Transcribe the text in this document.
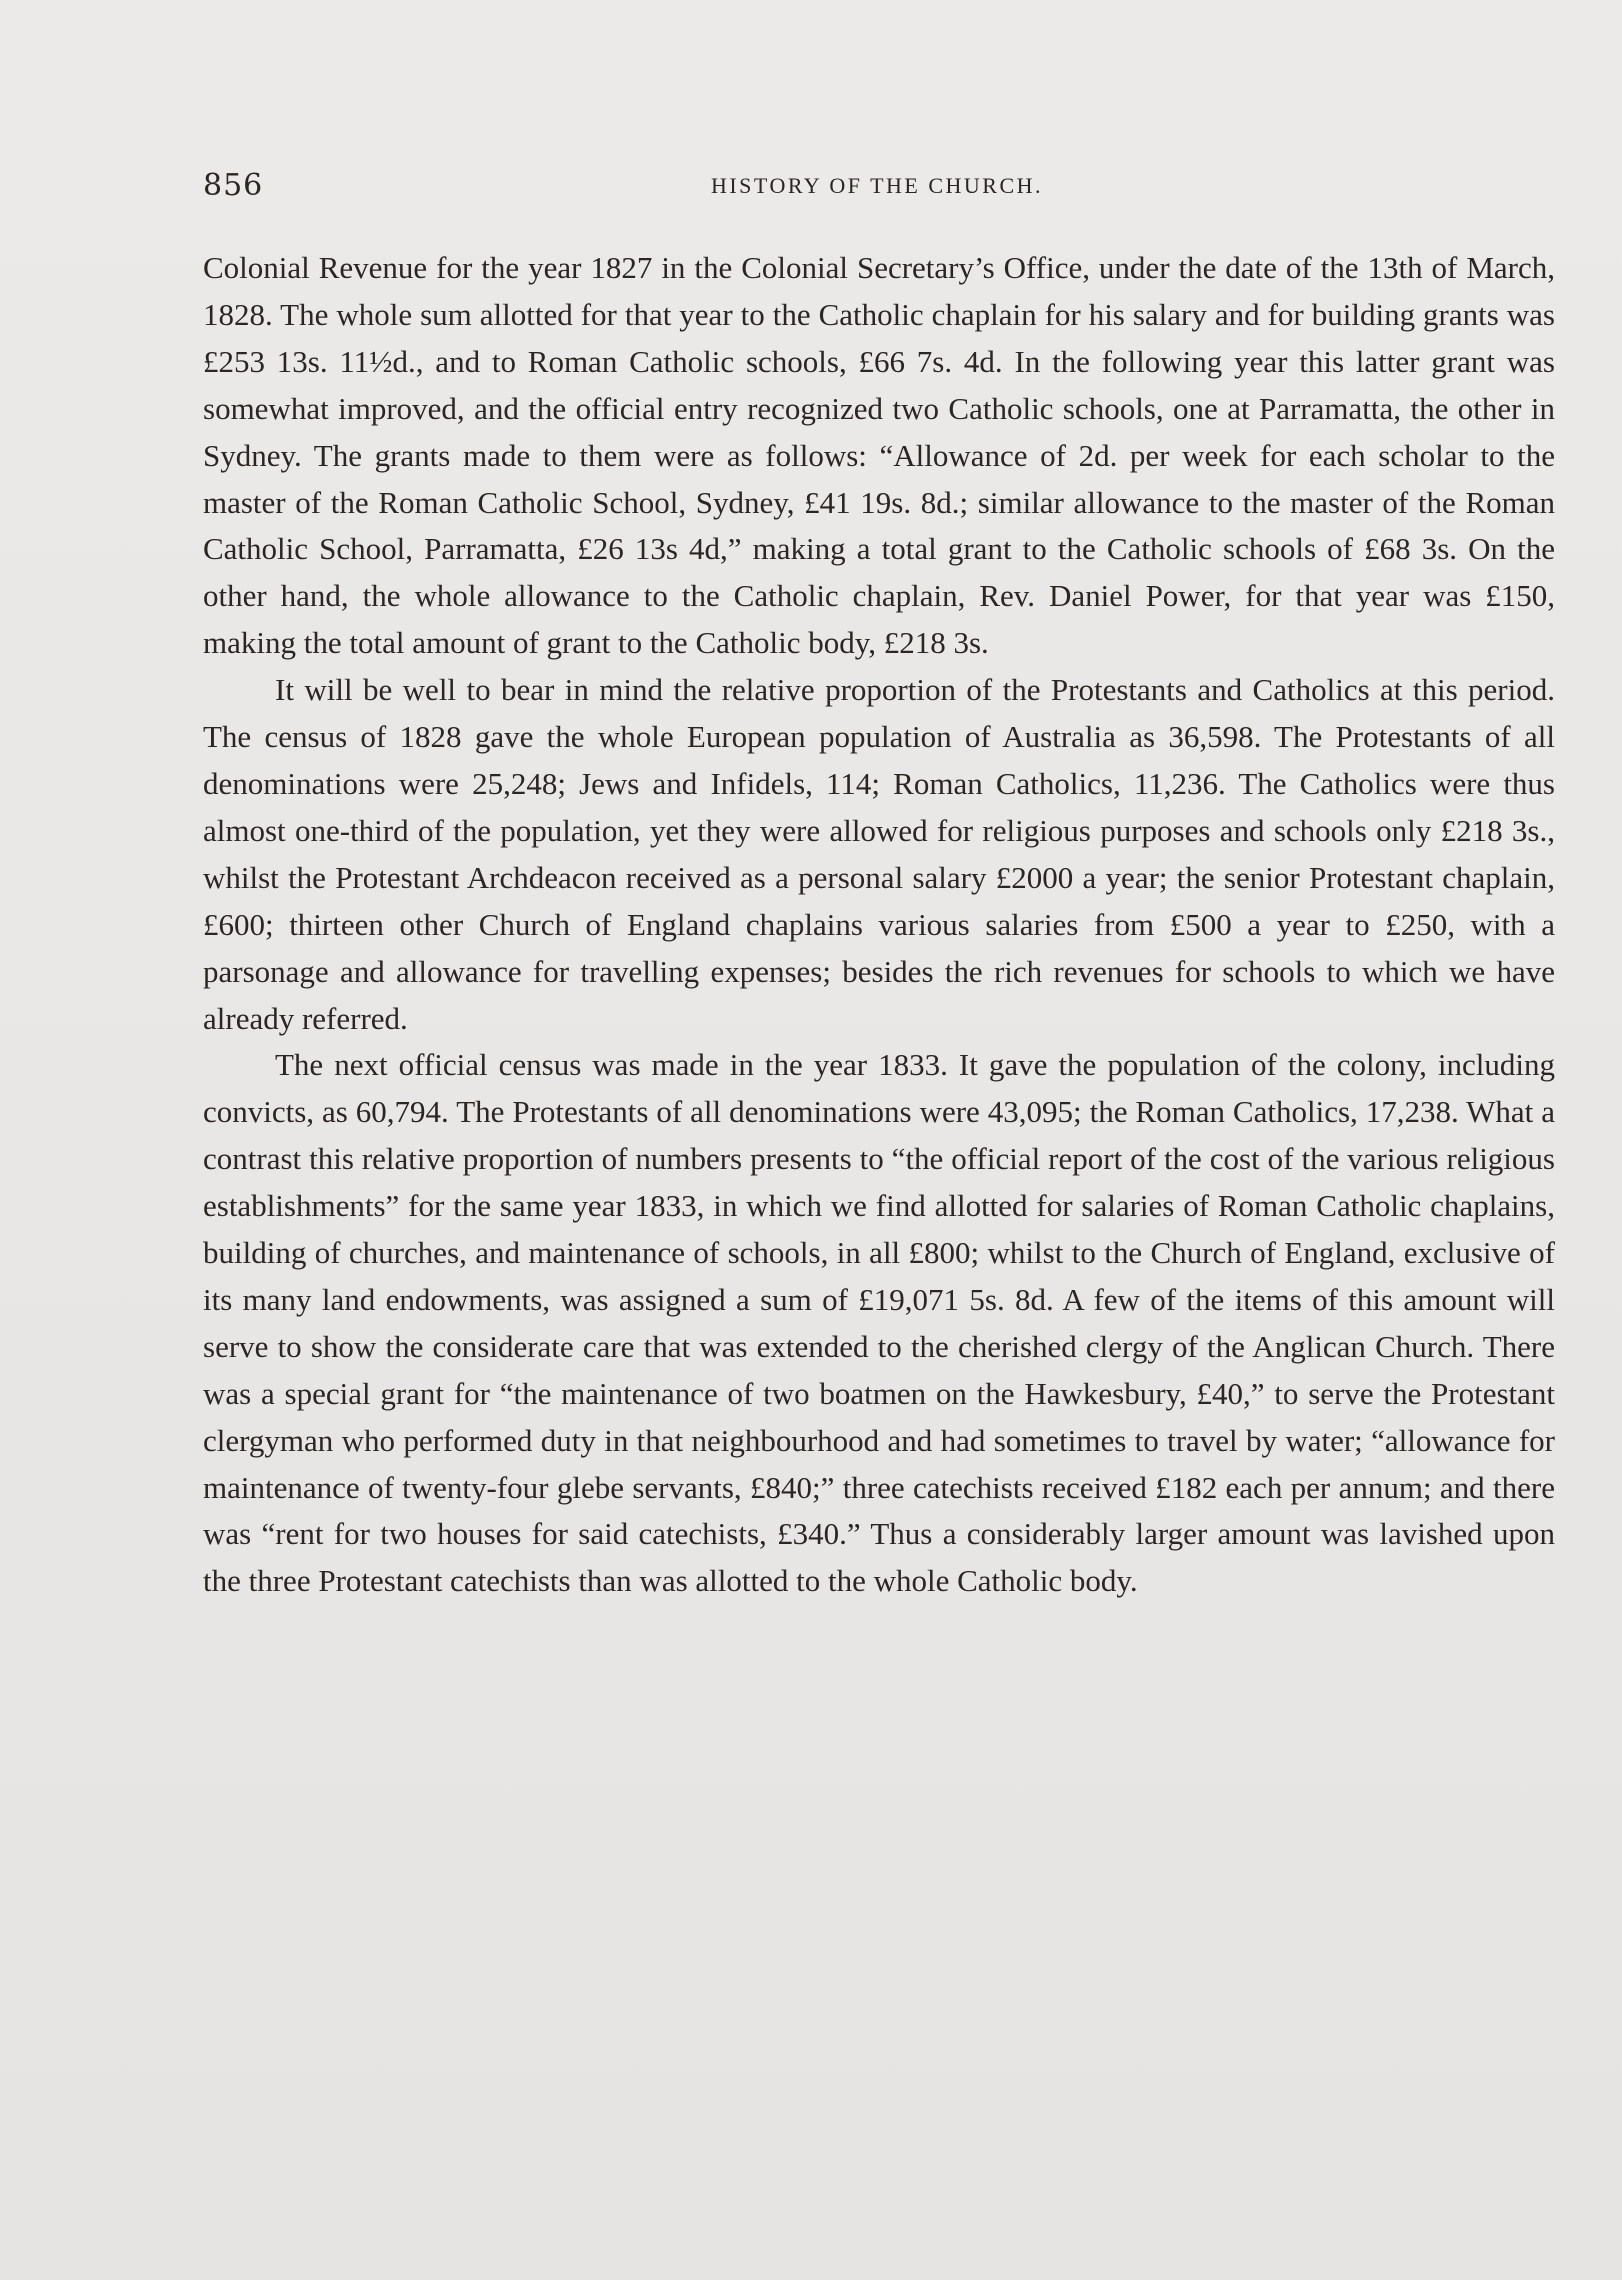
856	HISTORY OF THE CHURCH.

Colonial Revenue for the year 1827 in the Colonial Secretary’s Office, under the date of the 13th of March, 1828. The whole sum allotted for that year to the Catholic chaplain for his salary and for building grants was £253 13s. 11½d., and to Roman Catholic schools, £66 7s. 4d. In the following year this latter grant was somewhat improved, and the official entry recognized two Catholic schools, one at Parramatta, the other in Sydney. The grants made to them were as follows: “Allowance of 2d. per week for each scholar to the master of the Roman Catholic School, Sydney, £41 19s. 8d.; similar allowance to the master of the Roman Catholic School, Parramatta, £26 13s 4d,” making a total grant to the Catholic schools of £68 3s. On the other hand, the whole allowance to the Catholic chaplain, Rev. Daniel Power, for that year was £150, making the total amount of grant to the Catholic body, £218 3s.

It will be well to bear in mind the relative proportion of the Protestants and Catholics at this period. The census of 1828 gave the whole European population of Australia as 36,598. The Protestants of all denominations were 25,248; Jews and Infidels, 114; Roman Catholics, 11,236. The Catholics were thus almost one-third of the population, yet they were allowed for religious purposes and schools only £218 3s., whilst the Protestant Archdeacon received as a personal salary £2000 a year; the senior Protestant chaplain, £600; thirteen other Church of England chaplains various salaries from £500 a year to £250, with a parsonage and allowance for travelling expenses; besides the rich revenues for schools to which we have already referred.

The next official census was made in the year 1833. It gave the population of the colony, including convicts, as 60,794. The Protestants of all denominations were 43,095; the Roman Catholics, 17,238. What a contrast this relative proportion of numbers presents to “the official report of the cost of the various religious establishments” for the same year 1833, in which we find allotted for salaries of Roman Catholic chaplains, building of churches, and maintenance of schools, in all £800; whilst to the Church of England, exclusive of its many land endowments, was assigned a sum of £19,071 5s. 8d. A few of the items of this amount will serve to show the considerate care that was extended to the cherished clergy of the Anglican Church. There was a special grant for “the maintenance of two boatmen on the Hawkesbury, £40,” to serve the Protestant clergyman who performed duty in that neighbourhood and had sometimes to travel by water; “allowance for maintenance of twenty-four glebe servants, £840;” three catechists received £182 each per annum; and there was “rent for two houses for said catechists, £340.” Thus a considerably larger amount was lavished upon the three Protestant catechists than was allotted to the whole Catholic body.
